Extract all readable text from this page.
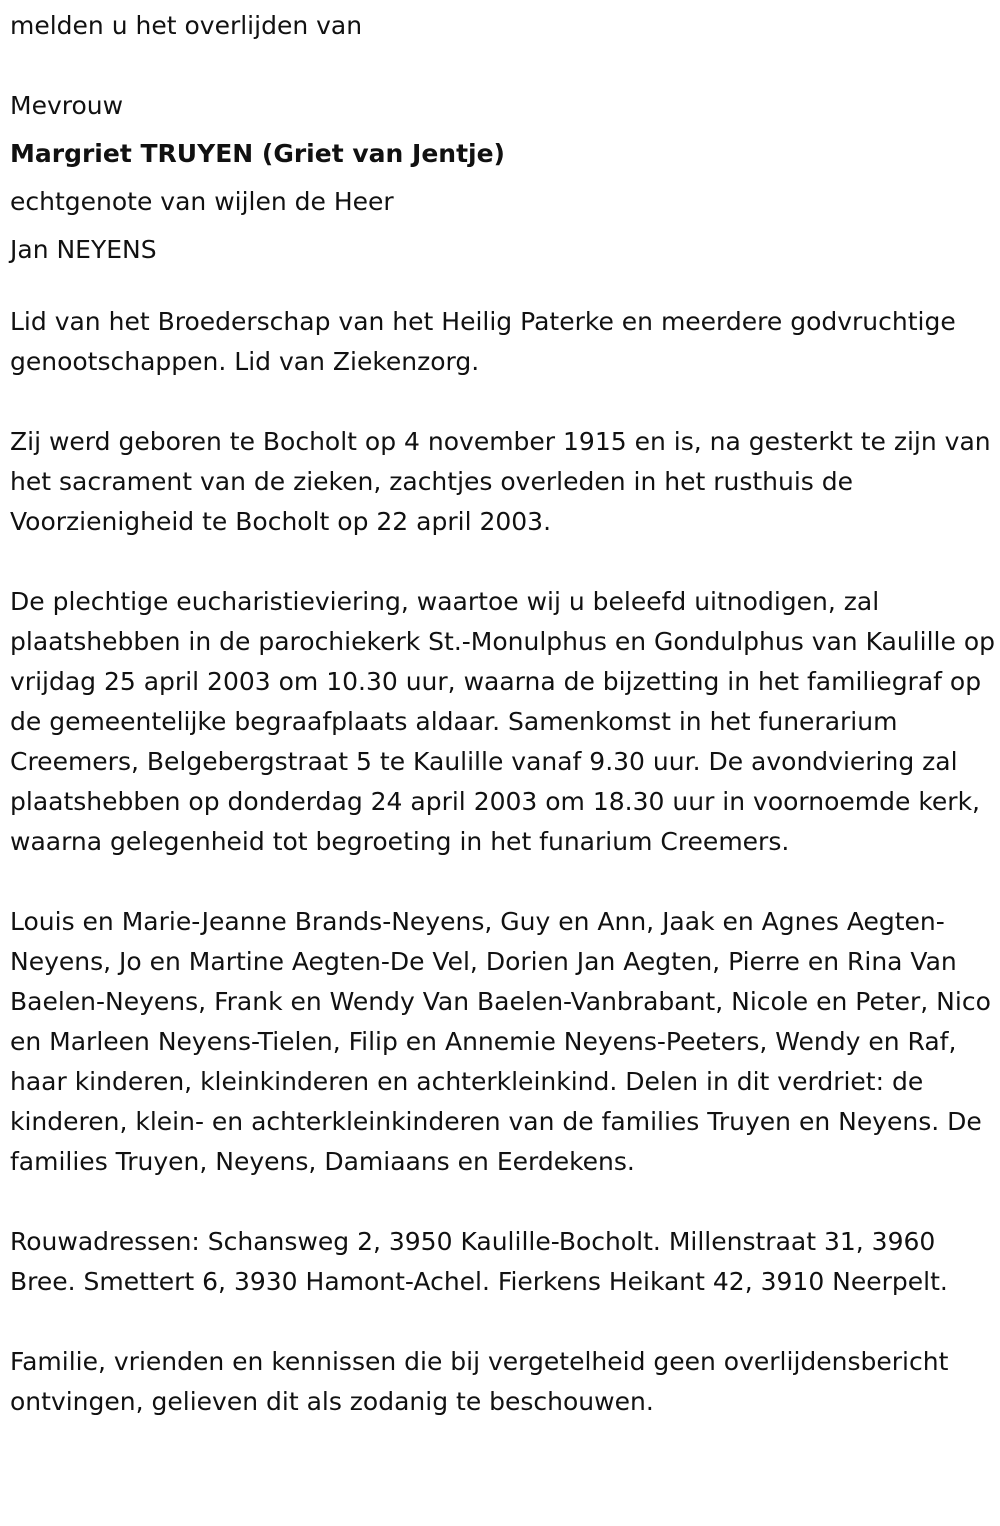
melden u het overlijden van
Mevrouw
Margriet TRUYEN (Griet van Jentje)
echtgenote van wijlen de Heer
Jan NEYENS

Lid van het Broederschap van het Heilig Paterke en meerdere godvruchtige genootschappen. Lid van Ziekenzorg.

Zij werd geboren te Bocholt op 4 november 1915 en is, na gesterkt te zijn van het sacrament van de zieken, zachtjes overleden in het rusthuis de Voorzienigheid te Bocholt op 22 april 2003.

De plechtige eucharistieviering, waartoe wij u beleefd uitnodigen, zal plaatshebben in de parochiekerk St.-Monulphus en Gondulphus van Kaulille op vrijdag 25 april 2003 om 10.30 uur, waarna de bijzetting in het familiegraf op de gemeentelijke begraafplaats aldaar. Samenkomst in het funerarium Creemers, Belgebergstraat 5 te Kaulille vanaf 9.30 uur. De avondviering zal plaatshebben op donderdag 24 april 2003 om 18.30 uur in voornoemde kerk, waarna gelegenheid tot begroeting in het funarium Creemers.

Louis en Marie-Jeanne Brands-Neyens, Guy en Ann, Jaak en Agnes Aegten-Neyens, Jo en Martine Aegten-De Vel, Dorien Jan Aegten, Pierre en Rina Van Baelen-Neyens, Frank en Wendy Van Baelen-Vanbrabant, Nicole en Peter, Nico en Marleen Neyens-Tielen, Filip en Annemie Neyens-Peeters, Wendy en Raf, haar kinderen, kleinkinderen en achterkleinkind. Delen in dit verdriet: de kinderen, klein- en achterkleinkinderen van de families Truyen en Neyens. De families Truyen, Neyens, Damiaans en Eerdekens.

Rouwadressen: Schansweg 2, 3950 Kaulille-Bocholt. Millenstraat 31, 3960 Bree. Smettert 6, 3930 Hamont-Achel. Fierkens Heikant 42, 3910 Neerpelt.

Familie, vrienden en kennissen die bij vergetelheid geen overlijdensbericht ontvingen, gelieven dit als zodanig te beschouwen.
